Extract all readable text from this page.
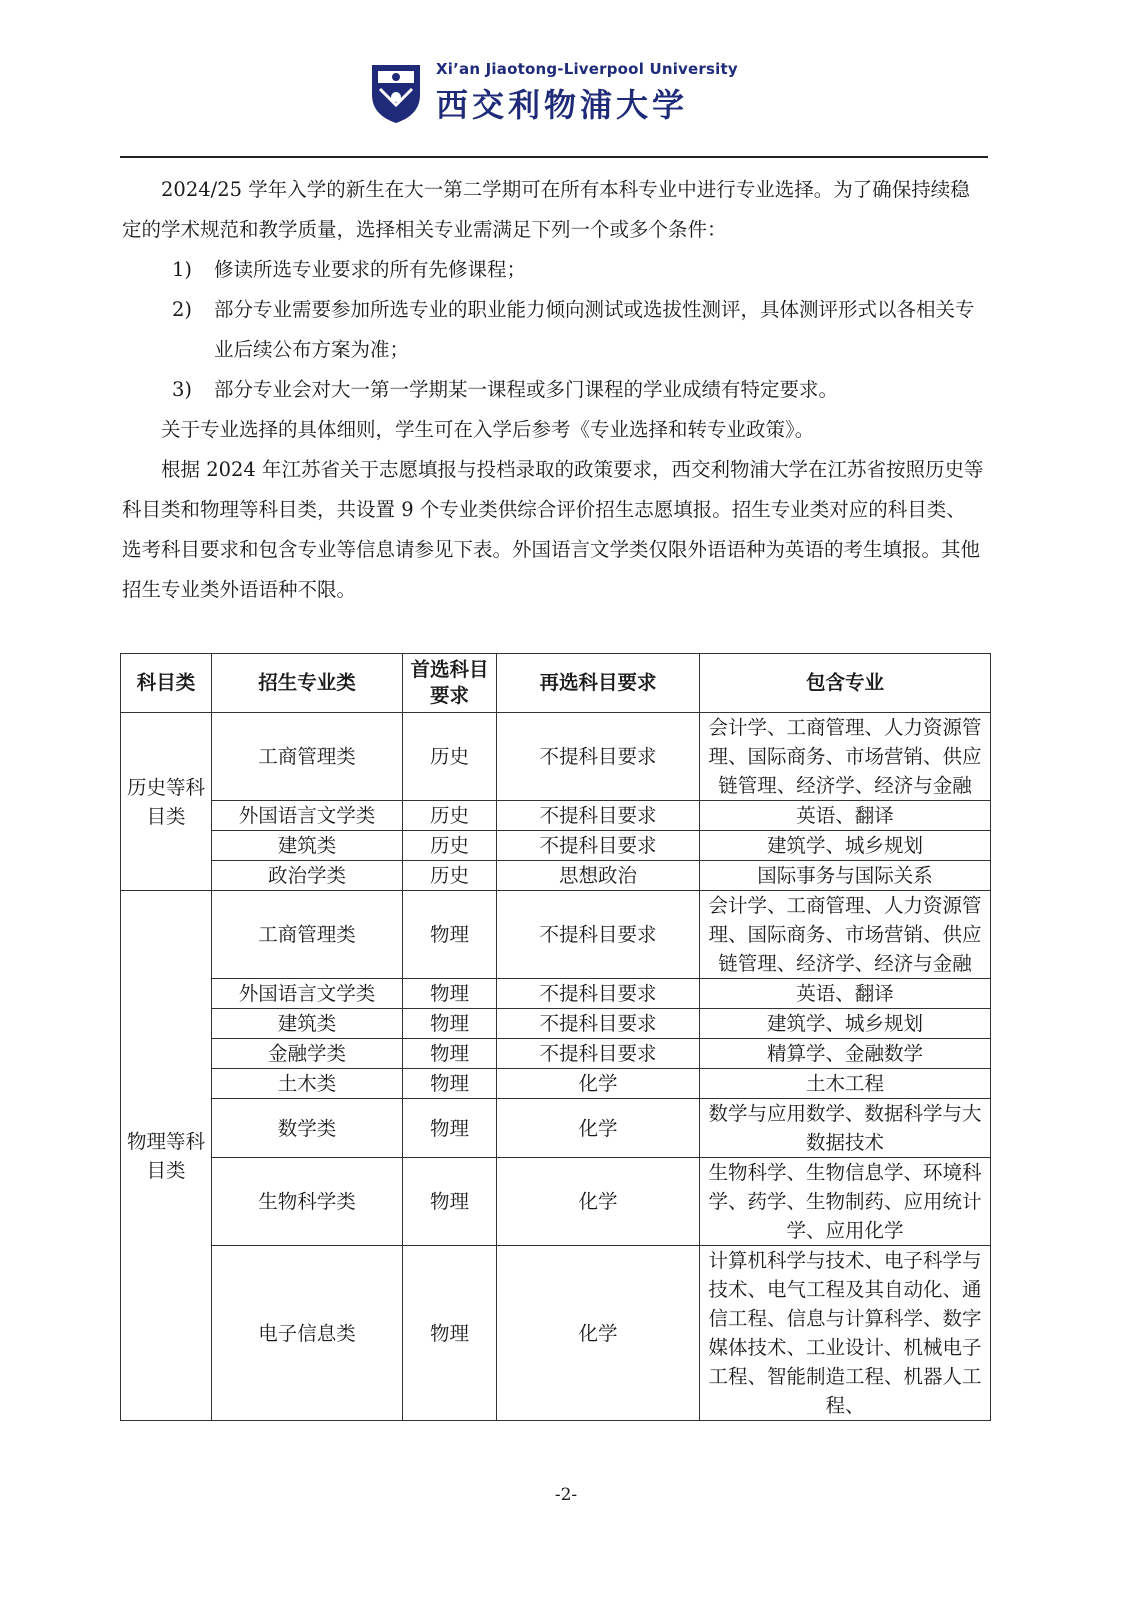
Xi’an Jiaotong-Liverpool University
西交利物浦大学

2024/25 学年入学的新生在大一第二学期可在所有本科专业中进行专业选择。为了确保持续稳定的学术规范和教学质量，选择相关专业需满足下列一个或多个条件：

1)	修读所选专业要求的所有先修课程；
2)	部分专业需要参加所选专业的职业能力倾向测试或选拔性测评，具体测评形式以各相关专业后续公布方案为准；
3)	部分专业会对大一第一学期某一课程或多门课程的学业成绩有特定要求。

关于专业选择的具体细则，学生可在入学后参考《专业选择和转专业政策》。

根据 2024 年江苏省关于志愿填报与投档录取的政策要求，西交利物浦大学在江苏省按照历史等科目类和物理等科目类，共设置 9 个专业类供综合评价招生志愿填报。招生专业类对应的科目类、选考科目要求和包含专业等信息请参见下表。外国语言文学类仅限外语语种为英语的考生填报。其他招生专业类外语语种不限。

科目类	招生专业类	首选科目要求	再选科目要求	包含专业
历史等科目类	工商管理类	历史	不提科目要求	会计学、工商管理、人力资源管理、国际商务、市场营销、供应链管理、经济学、经济与金融
	外国语言文学类	历史	不提科目要求	英语、翻译
	建筑类	历史	不提科目要求	建筑学、城乡规划
	政治学类	历史	思想政治	国际事务与国际关系
物理等科目类	工商管理类	物理	不提科目要求	会计学、工商管理、人力资源管理、国际商务、市场营销、供应链管理、经济学、经济与金融
	外国语言文学类	物理	不提科目要求	英语、翻译
	建筑类	物理	不提科目要求	建筑学、城乡规划
	金融学类	物理	不提科目要求	精算学、金融数学
	土木类	物理	化学	土木工程
	数学类	物理	化学	数学与应用数学、数据科学与大数据技术
	生物科学类	物理	化学	生物科学、生物信息学、环境科学、药学、生物制药、应用统计学、应用化学
	电子信息类	物理	化学	计算机科学与技术、电子科学与技术、电气工程及其自动化、通信工程、信息与计算科学、数字媒体技术、工业设计、机械电子工程、智能制造工程、机器人工程、
-2-
